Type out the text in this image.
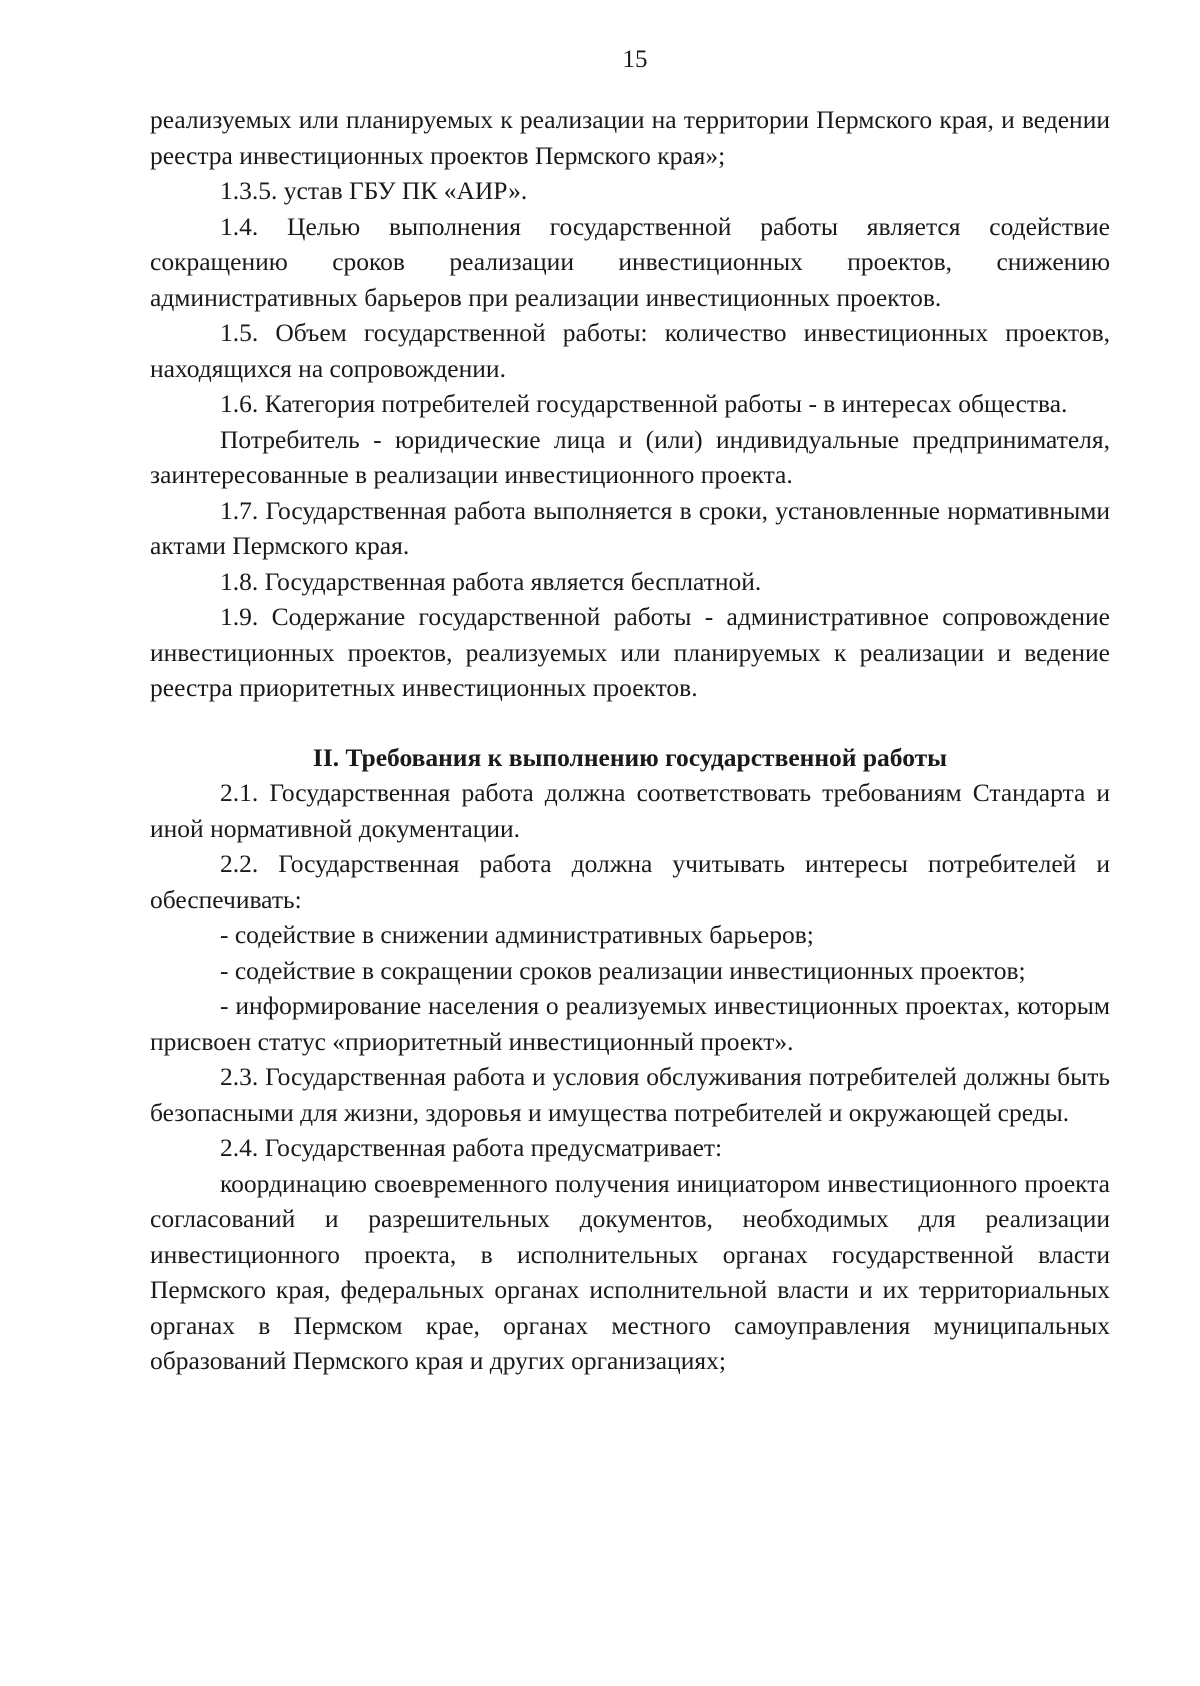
15

реализуемых или планируемых к реализации на территории Пермского края, и ведении реестра инвестиционных проектов Пермского края»;

1.3.5. устав ГБУ ПК «АИР».

1.4. Целью выполнения государственной работы является содействие сокращению сроков реализации инвестиционных проектов, снижению административных барьеров при реализации инвестиционных проектов.

1.5. Объем государственной работы: количество инвестиционных проектов, находящихся на сопровождении.

1.6. Категория потребителей государственной работы - в интересах общества.

Потребитель - юридические лица и (или) индивидуальные предпринимателя, заинтересованные в реализации инвестиционного проекта.

1.7. Государственная работа выполняется в сроки, установленные нормативными актами Пермского края.

1.8. Государственная работа является бесплатной.

1.9. Содержание государственной работы - административное сопровождение инвестиционных проектов, реализуемых или планируемых к реализации и ведение реестра приоритетных инвестиционных проектов.

II. Требования к выполнению государственной работы

2.1. Государственная работа должна соответствовать требованиям Стандарта и иной нормативной документации.

2.2. Государственная работа должна учитывать интересы потребителей и обеспечивать:

- содействие в снижении административных барьеров;

- содействие в сокращении сроков реализации инвестиционных проектов;

- информирование населения о реализуемых инвестиционных проектах, которым присвоен статус «приоритетный инвестиционный проект».

2.3. Государственная работа и условия обслуживания потребителей должны быть безопасными для жизни, здоровья и имущества потребителей и окружающей среды.

2.4. Государственная работа предусматривает:

координацию своевременного получения инициатором инвестиционного проекта согласований и разрешительных документов, необходимых для реализации инвестиционного проекта, в исполнительных органах государственной власти Пермского края, федеральных органах исполнительной власти и их территориальных органах в Пермском крае, органах местного самоуправления муниципальных образований Пермского края и других организациях;
